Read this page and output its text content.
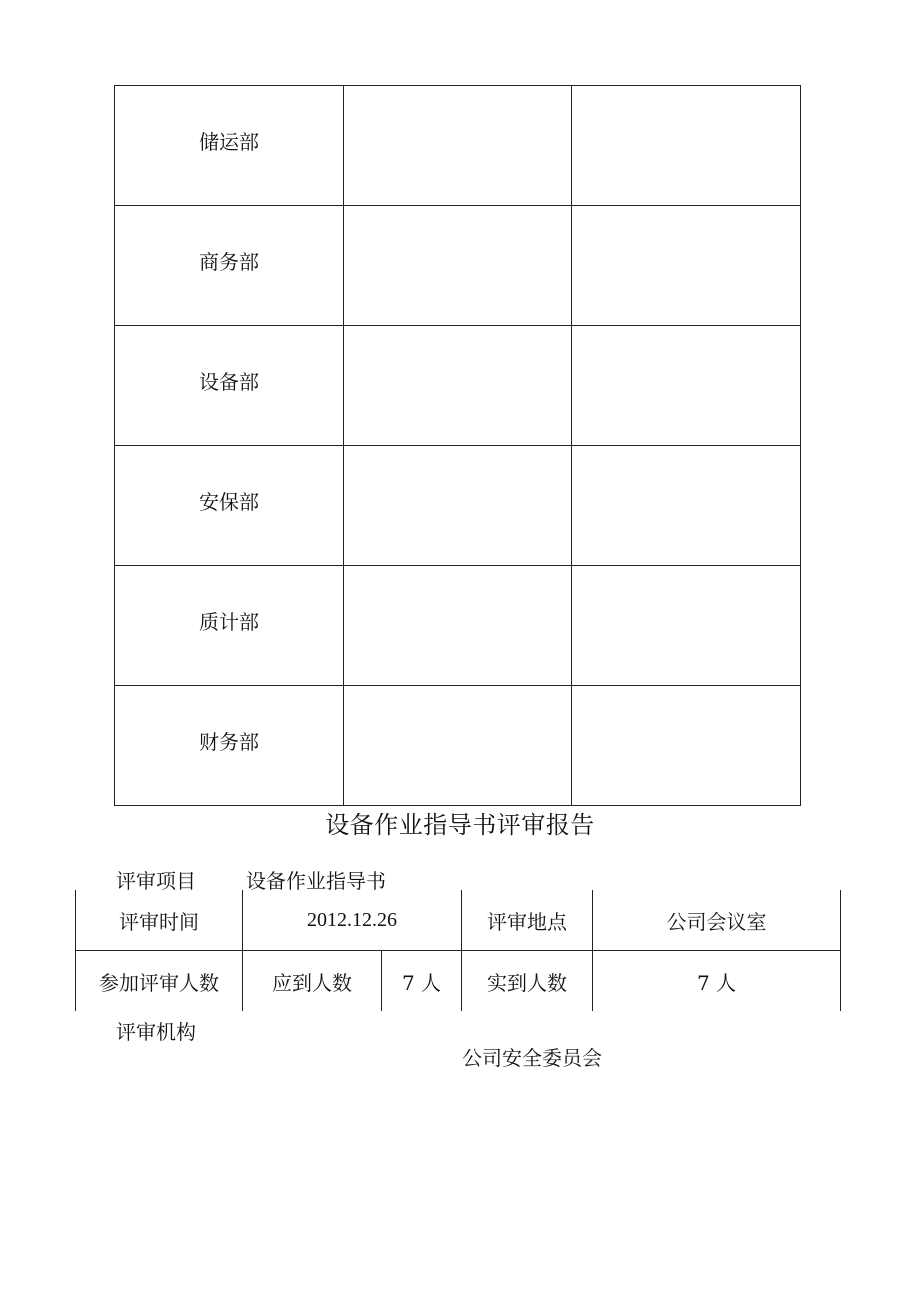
储运部		
商务部		
设备部		
安保部		
质计部		
财务部		
设备作业指导书评审报告
评审项目	设备作业指导书
评审时间	2012.12.26		评审地点	公司会议室
参加评审人数	应到人数	7 人	实到人数	7 人
评审机构
公司安全委员会
